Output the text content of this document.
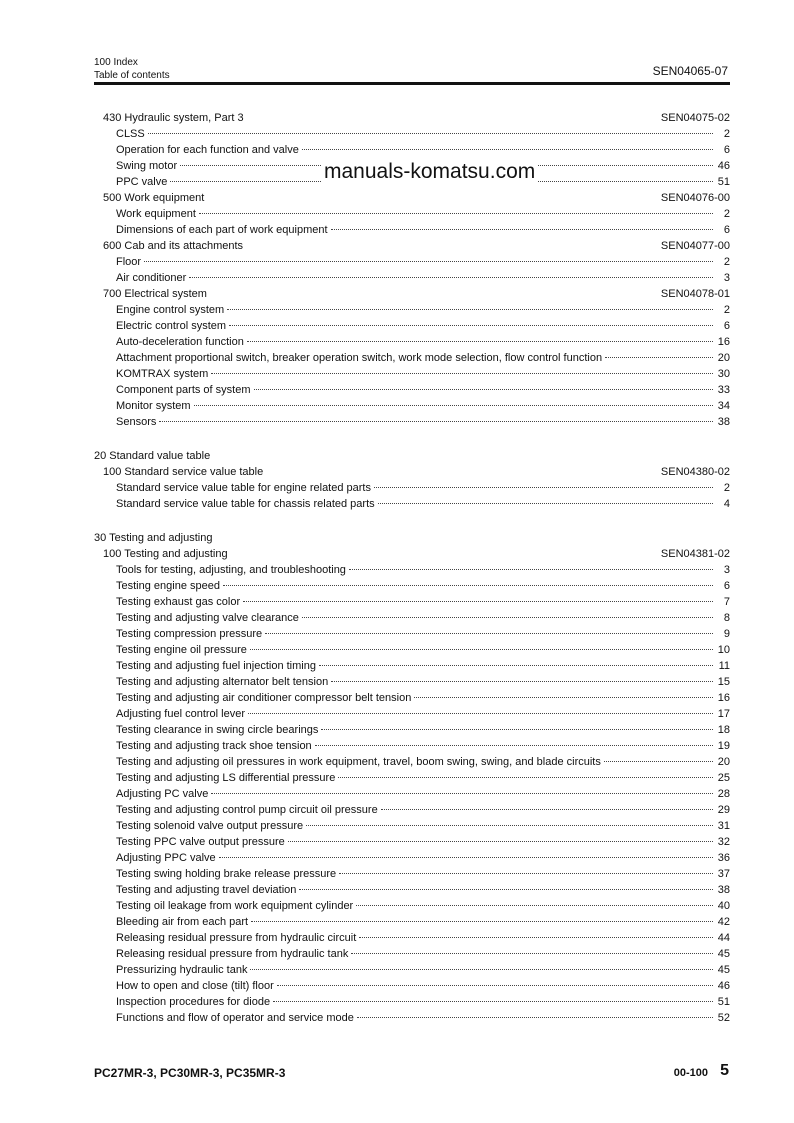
100 Index
Table of contents	SEN04065-07
430 Hydraulic system, Part 3	SEN04075-02
CLSS	2
Operation for each function and valve	6
Swing motor	46
PPC valve	51
500 Work equipment	SEN04076-00
Work equipment	2
Dimensions of each part of work equipment	6
600 Cab and its attachments	SEN04077-00
Floor	2
Air conditioner	3
700 Electrical system	SEN04078-01
Engine control system	2
Electric control system	6
Auto-deceleration function	16
Attachment proportional switch, breaker operation switch, work mode selection, flow control function	20
KOMTRAX system	30
Component parts of system	33
Monitor system	34
Sensors	38
20 Standard value table
100 Standard service value table	SEN04380-02
Standard service value table for engine related parts	2
Standard service value table for chassis related parts	4
30 Testing and adjusting
100 Testing and adjusting	SEN04381-02
Tools for testing, adjusting, and troubleshooting	3
Testing engine speed	6
Testing exhaust gas color	7
Testing and adjusting valve clearance	8
Testing compression pressure	9
Testing engine oil pressure	10
Testing and adjusting fuel injection timing	11
Testing and adjusting alternator belt tension	15
Testing and adjusting air conditioner compressor belt tension	16
Adjusting fuel control lever	17
Testing clearance in swing circle bearings	18
Testing and adjusting track shoe tension	19
Testing and adjusting oil pressures in work equipment, travel, boom swing, swing, and blade circuits	20
Testing and adjusting LS differential pressure	25
Adjusting PC valve	28
Testing and adjusting control pump circuit oil pressure	29
Testing solenoid valve output pressure	31
Testing PPC valve output pressure	32
Adjusting PPC valve	36
Testing swing holding brake release pressure	37
Testing and adjusting travel deviation	38
Testing oil leakage from work equipment cylinder	40
Bleeding air from each part	42
Releasing residual pressure from hydraulic circuit	44
Releasing residual pressure from hydraulic tank	45
Pressurizing hydraulic tank	45
How to open and close (tilt) floor	46
Inspection procedures for diode	51
Functions and flow of operator and service mode	52
manuals-komatsu.com
PC27MR-3, PC30MR-3, PC35MR-3	00-100 5
